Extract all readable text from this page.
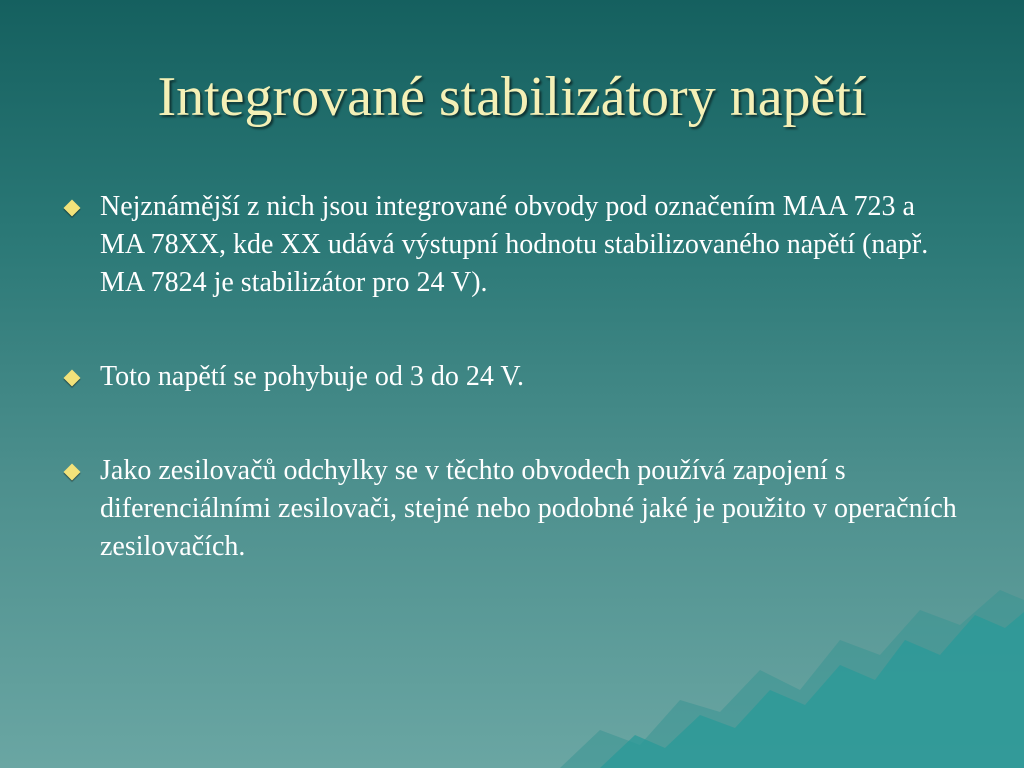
Integrované stabilizátory napětí
Nejznámější z nich jsou integrované obvody pod označením MAA 723 a MA 78XX, kde XX udává výstupní hodnotu stabilizovaného napětí (např. MA 7824 je stabilizátor pro 24 V).
Toto napětí se pohybuje od 3 do 24 V.
Jako zesilovačů odchylky se v těchto obvodech používá zapojení s diferenciálními zesilovači, stejné nebo podobné jaké je použito v operačních zesilovačích.
